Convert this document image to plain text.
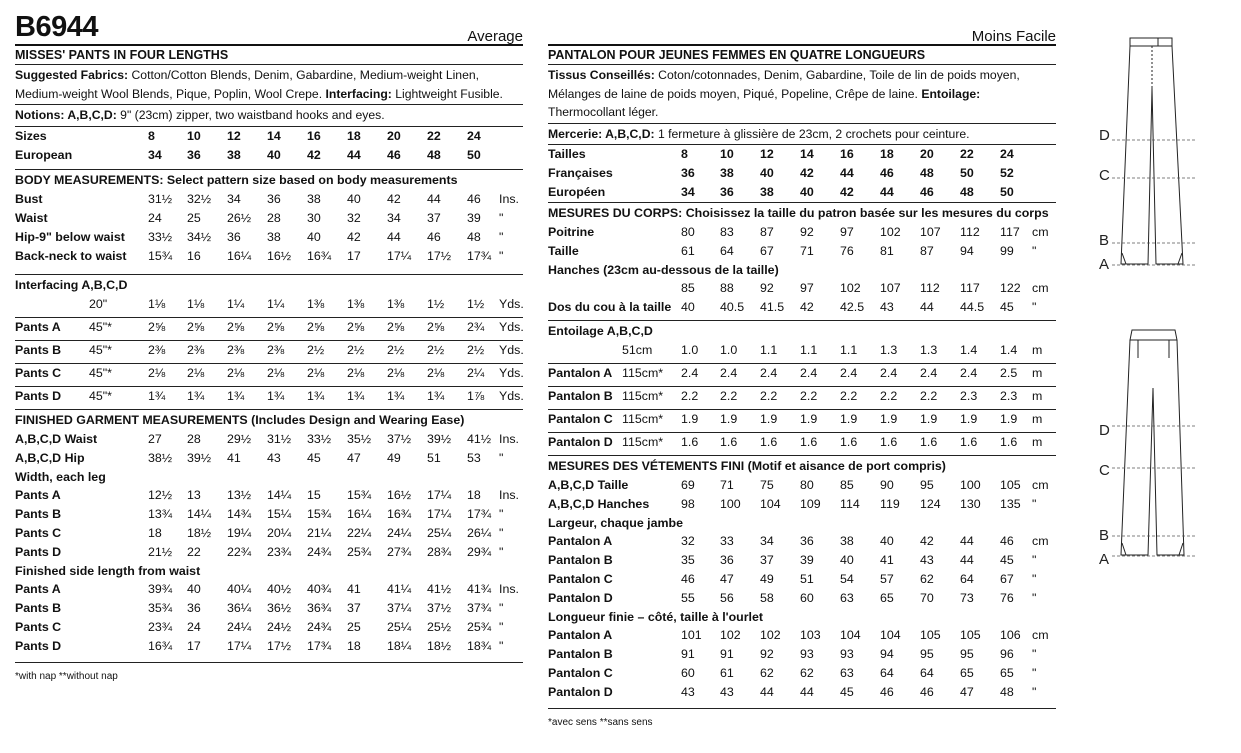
B6944	Average
MISSES' PANTS IN FOUR LENGTHS
Suggested Fabrics: Cotton/Cotton Blends, Denim, Gabardine, Medium-weight Linen, Medium-weight Wool Blends, Pique, Poplin, Wool Crepe. Interfacing: Lightweight Fusible.
Notions: A,B,C,D: 9" (23cm) zipper, two waistband hooks and eyes.
Sizes	8	10	12	14	16	18	20	22	24
European	34	36	38	40	42	44	46	48	50
BODY MEASUREMENTS: Select pattern size based on body measurements
Bust	31½	32½	34	36	38	40	42	44	46	Ins.
Waist	24	25	26½	28	30	32	34	37	39	"
Hip-9" below waist 33½	34½	36	38	40	42	44	46	48	"
Back-neck to waist 15¾	16	16¼	16½	16¾	17	17¼	17½	17¾ "
Interfacing A,B,C,D
20"	1⅛	1⅛	1¼	1¼	1⅜	1⅜	1⅜	1½	1½	Yds.
Pants A 45"*	2⅝	2⅝	2⅝	2⅝	2⅝	2⅝	2⅝	2⅝	2¾	Yds.
Pants B 45"*	2⅜	2⅜	2⅜	2⅜	2½	2½	2½	2½	2½	Yds.
Pants C 45"*	2⅛	2⅛	2⅛	2⅛	2⅛	2⅛	2⅛	2⅛	2¼	Yds.
Pants D 45"*	1¾	1¾	1¾	1¾	1¾	1¾	1¾	1¾	1⅞	Yds.
FINISHED GARMENT MEASUREMENTS (Includes Design and Wearing Ease)
A,B,C,D Waist	27	28	29½	31½	33½	35½	37½	39½	41½ Ins.
A,B,C,D Hip	38½	39½	41	43	45	47	49	51	53	"
Width, each leg
Pants A	12½	13	13½	14¼	15	15¾	16½	17¼	18	Ins.
Pants B	13¾	14¼	14¾	15¼	15¾	16¼	16¾	17¼	17¾ "
Pants C	18	18½	19¼	20¼	21¼	22¼	24¼	25¼	26¼ "
Pants D	21½	22	22¾	23¾	24¾	25¾	27¾	28¾	29¾ "
Finished side length from waist
Pants A	39¾	40	40¼	40½	40¾	41	41¼	41½	41¾ Ins.
Pants B	35¾	36	36¼	36½	36¾	37	37¼	37½	37¾ "
Pants C	23¾	24	24¼	24½	24¾	25	25¼	25½	25¾ "
Pants D	16¾	17	17¼	17½	17¾	18	18¼	18½	18¾ "
*with nap **without nap
Moins Facile
PANTALON POUR JEUNES FEMMES EN QUATRE LONGUEURS
Tissus Conseillés: Coton/cotonnades, Denim, Gabardine, Toile de lin de poids moyen, Mélanges de laine de poids moyen, Piqué, Popeline, Crêpe de laine. Entoilage: Thermocollant léger.
Mercerie: A,B,C,D: 1 fermeture à glissière de 23cm, 2 crochets pour ceinture.
Tailles	8	10	12	14	16	18	20	22	24
Françaises	36	38	40	42	44	46	48	50	52
Européen	34	36	38	40	42	44	46	48	50
MESURES DU CORPS: Choisissez la taille du patron basée sur les mesures du corps
Poitrine	80	83	87	92	97	102	107	112	117 cm
Taille	61	64	67	71	76	81	87	94	99	"
Hanches (23cm au-dessous de la taille)
85	88	92	97	102	107	112	117	122 cm
Dos du cou à la taille 40	40.5	41.5	42	42.5	43	44	44.5	45	"
Entoilage A,B,C,D
51cm	1.0	1.0	1.1	1.1	1.1	1.3	1.3	1.4	1.4	m
Pantalon A 115cm*	2.4	2.4	2.4	2.4	2.4	2.4	2.4	2.4	2.5	m
Pantalon B 115cm*	2.2	2.2	2.2	2.2	2.2	2.2	2.2	2.3	2.3	m
Pantalon C 115cm*	1.9	1.9	1.9	1.9	1.9	1.9	1.9	1.9	1.9	m
Pantalon D 115cm*	1.6	1.6	1.6	1.6	1.6	1.6	1.6	1.6	1.6	m
MESURES DES VÉTEMENTS FINI (Motif et aisance de port compris)
A,B,C,D Taille	69	71	75	80	85	90	95	100	105 cm
A,B,C,D Hanches	98	100	104	109	114	119	124	130	135 "
Largeur, chaque jambe
Pantalon A	32	33	34	36	38	40	42	44	46	cm
Pantalon B	35	36	37	39	40	41	43	44	45	"
Pantalon C	46	47	49	51	54	57	62	64	67	"
Pantalon D	55	56	58	60	63	65	70	73	76	"
Longueur finie – côté, taille à l'ourlet
Pantalon A	101	102	102	103	104	104	105	105	106 cm
Pantalon B	91	91	92	93	93	94	95	95	96	"
Pantalon C	60	61	62	62	63	64	64	65	65	"
Pantalon D	43	43	44	44	45	46	46	47	48	"
*avec sens **sans sens
D
C
B
A
D
C
B
A
